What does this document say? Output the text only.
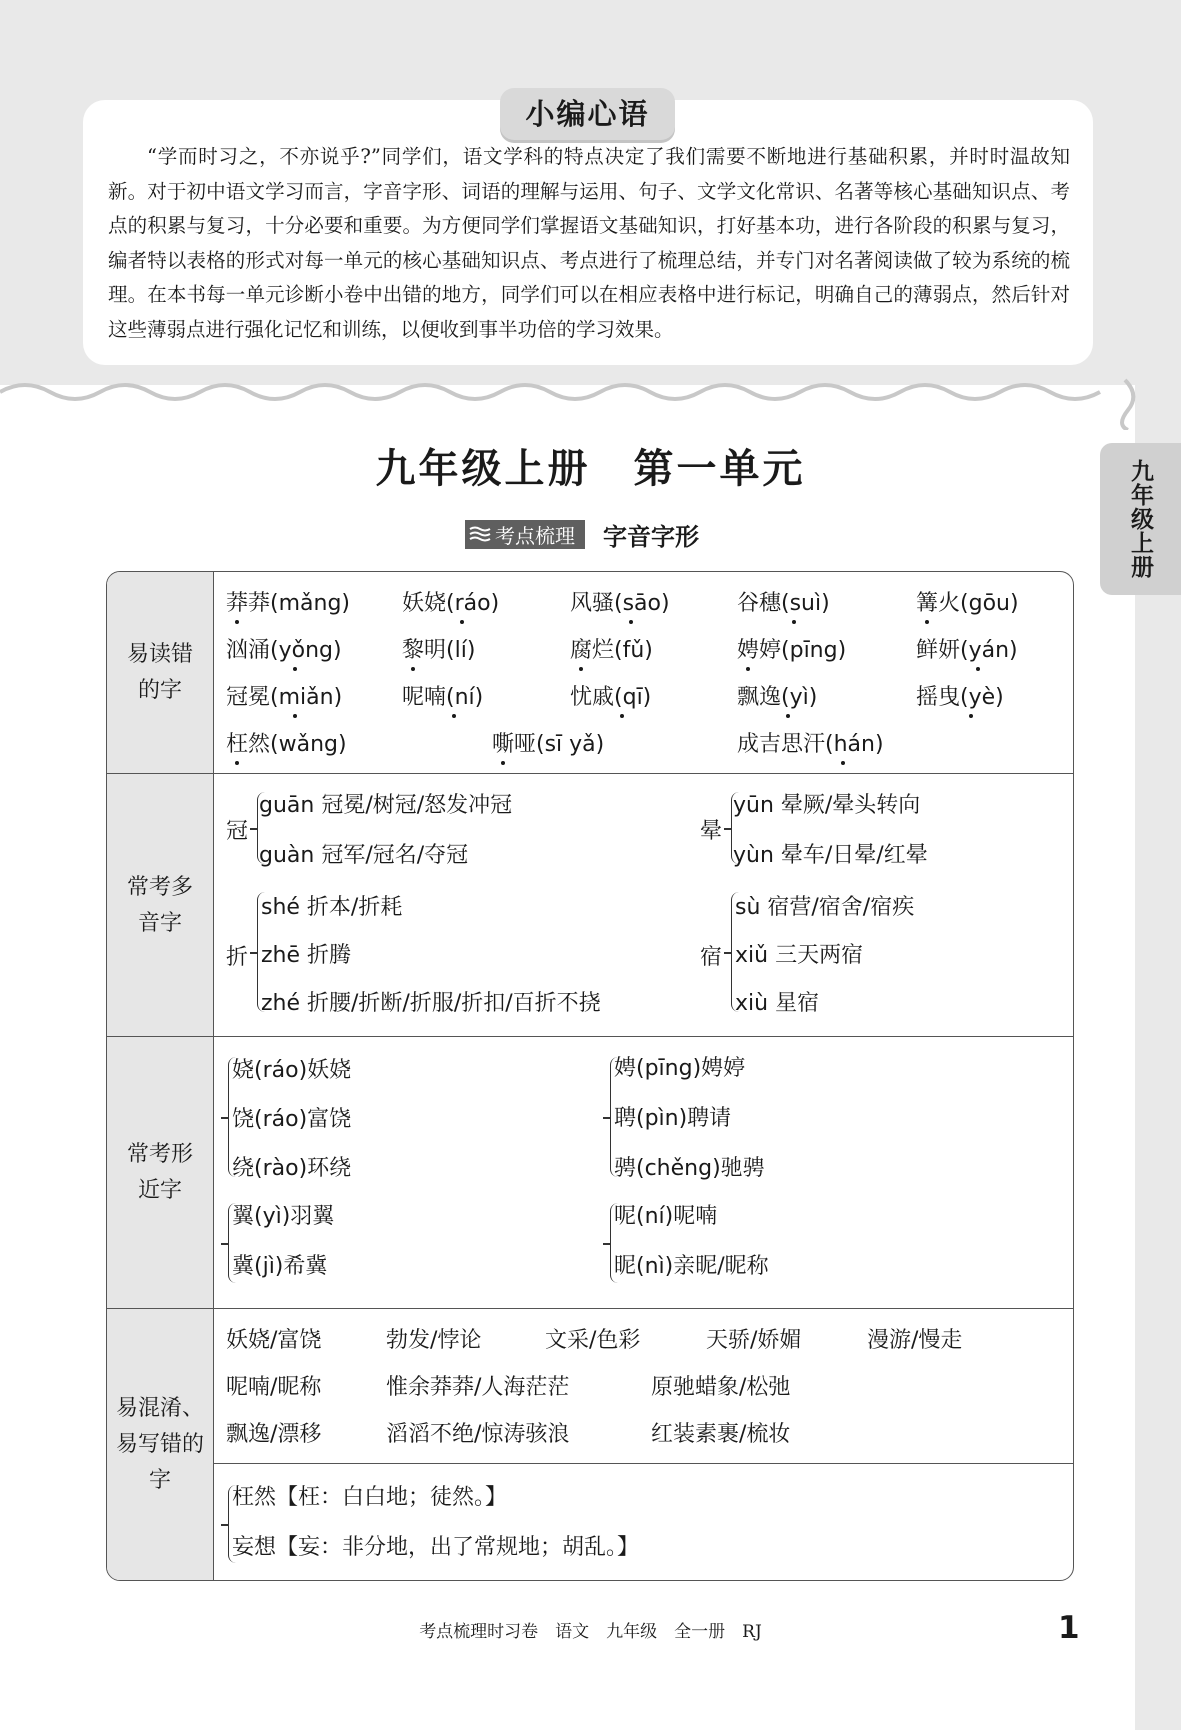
小编心语

“学而时习之，不亦说乎?”同学们，语文学科的特点决定了我们需要不断地进行基础积累，并时时温故知新。对于初中语文学习而言，字音字形、词语的理解与运用、句子、文学文化常识、名著等核心基础知识点、考点的积累与复习，十分必要和重要。为方便同学们掌握语文基础知识，打好基本功，进行各阶段的积累与复习，编者特以表格的形式对每一单元的核心基础知识点、考点进行了梳理总结，并专门对名著阅读做了较为系统的梳理。在本书每一单元诊断小卷中出错的地方，同学们可以在相应表格中进行标记，明确自己的薄弱点，然后针对这些薄弱点进行强化记忆和训练，以便收到事半功倍的学习效果。

九年级上册
九年级上册　第一单元
考点梳理 字音字形
易读错的字
莽莽(mǎng) 妖娆(ráo)	风骚(sāo)	谷穗(suì)	篝火(gōu)
汹涌(yǒng)	黎明(lí)	腐烂(fǔ)	娉婷(pīng)	鲜妍(yán)
冠冕(miǎn)	呢喃(ní)	忧戚(qī)	飘逸(yì)	摇曳(yè)
枉然(wǎng)	嘶哑(sī yǎ)	成吉思汗(hán)
常考多音字
冠
guān 冠冕/树冠/怒发冲冠
guàn 冠军/冠名/夺冠
晕
yūn 晕厥/晕头转向
yùn 晕车/日晕/红晕
折
shé 折本/折耗
zhē 折腾
zhé 折腰/折断/折服/折扣/百折不挠
宿
sù 宿营/宿舍/宿疾
xiǔ 三天两宿
xiù 星宿
常考形近字
娆(ráo)妖娆
饶(ráo)富饶
绕(rào)环绕
娉(pīng)娉婷
聘(pìn)聘请
骋(chěng)驰骋
翼(yì)羽翼
冀(jì)希冀
呢(ní)呢喃
昵(nì)亲昵/昵称
易混淆、易写错的字
妖娆/富饶	勃发/悖论	文采/色彩	天骄/娇媚	漫游/慢走
呢喃/昵称	惟余莽莽/人海茫茫	原驰蜡象/松弛
飘逸/漂移	滔滔不绝/惊涛骇浪	红装素裹/梳妆
枉然【枉：白白地；徒然。】
妄想【妄：非分地，出了常规地；胡乱。】
考点梳理时习卷　语文　九年级　全一册　RJ	1
